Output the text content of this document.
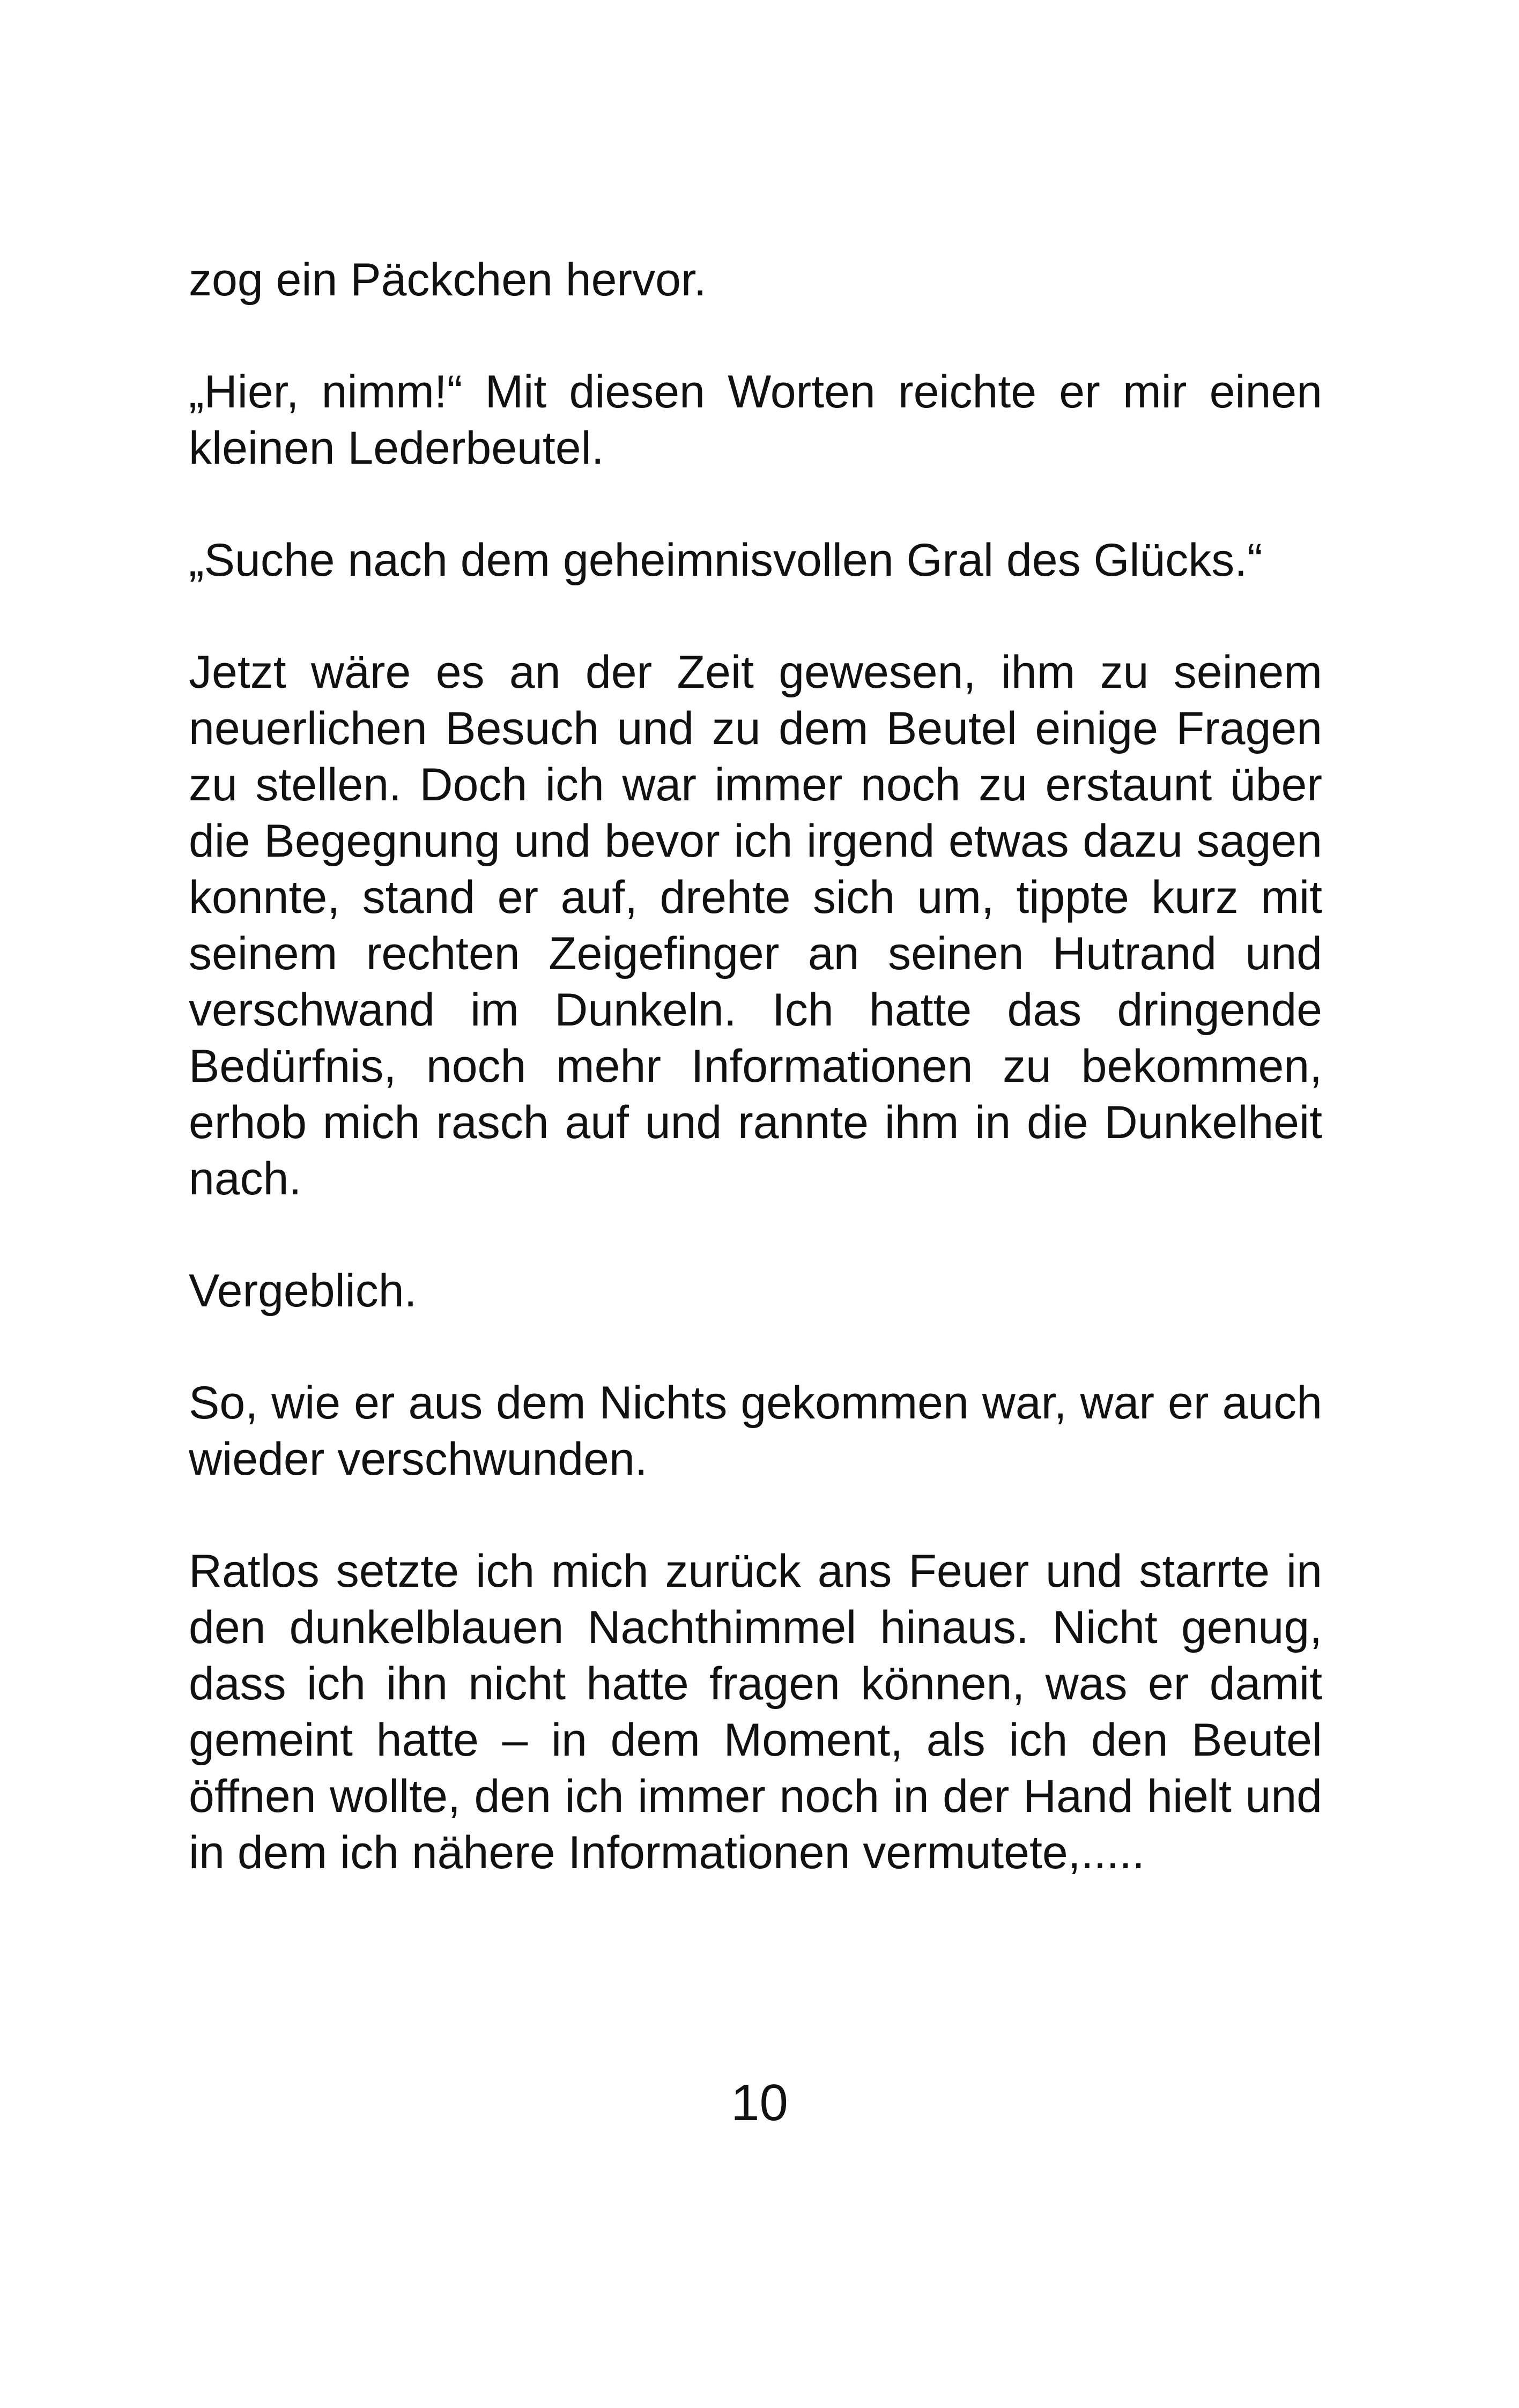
zog ein Päckchen hervor.

„Hier, nimm!“ Mit diesen Worten reichte er mir einen kleinen Lederbeutel.

„Suche nach dem geheimnisvollen Gral des Glücks.“

Jetzt wäre es an der Zeit gewesen, ihm zu seinem neuerlichen Besuch und zu dem Beutel einige Fragen zu stellen. Doch ich war immer noch zu erstaunt über die Begegnung und bevor ich irgend etwas dazu sagen konnte, stand er auf, drehte sich um, tippte kurz mit seinem rechten Zeigefinger an seinen Hutrand und verschwand im Dunkeln. Ich hatte das dringende Bedürfnis, noch mehr Informationen zu bekommen, erhob mich rasch auf und rannte ihm in die Dunkelheit nach.

Vergeblich.

So, wie er aus dem Nichts gekommen war, war er auch wieder verschwunden.

Ratlos setzte ich mich zurück ans Feuer und starrte in den dunkelblauen Nachthimmel hinaus. Nicht genug, dass ich ihn nicht hatte fragen können, was er damit gemeint hatte – in dem Moment, als ich den Beutel öffnen wollte, den ich immer noch in der Hand hielt und in dem ich nähere Informationen vermutete,.....

10
